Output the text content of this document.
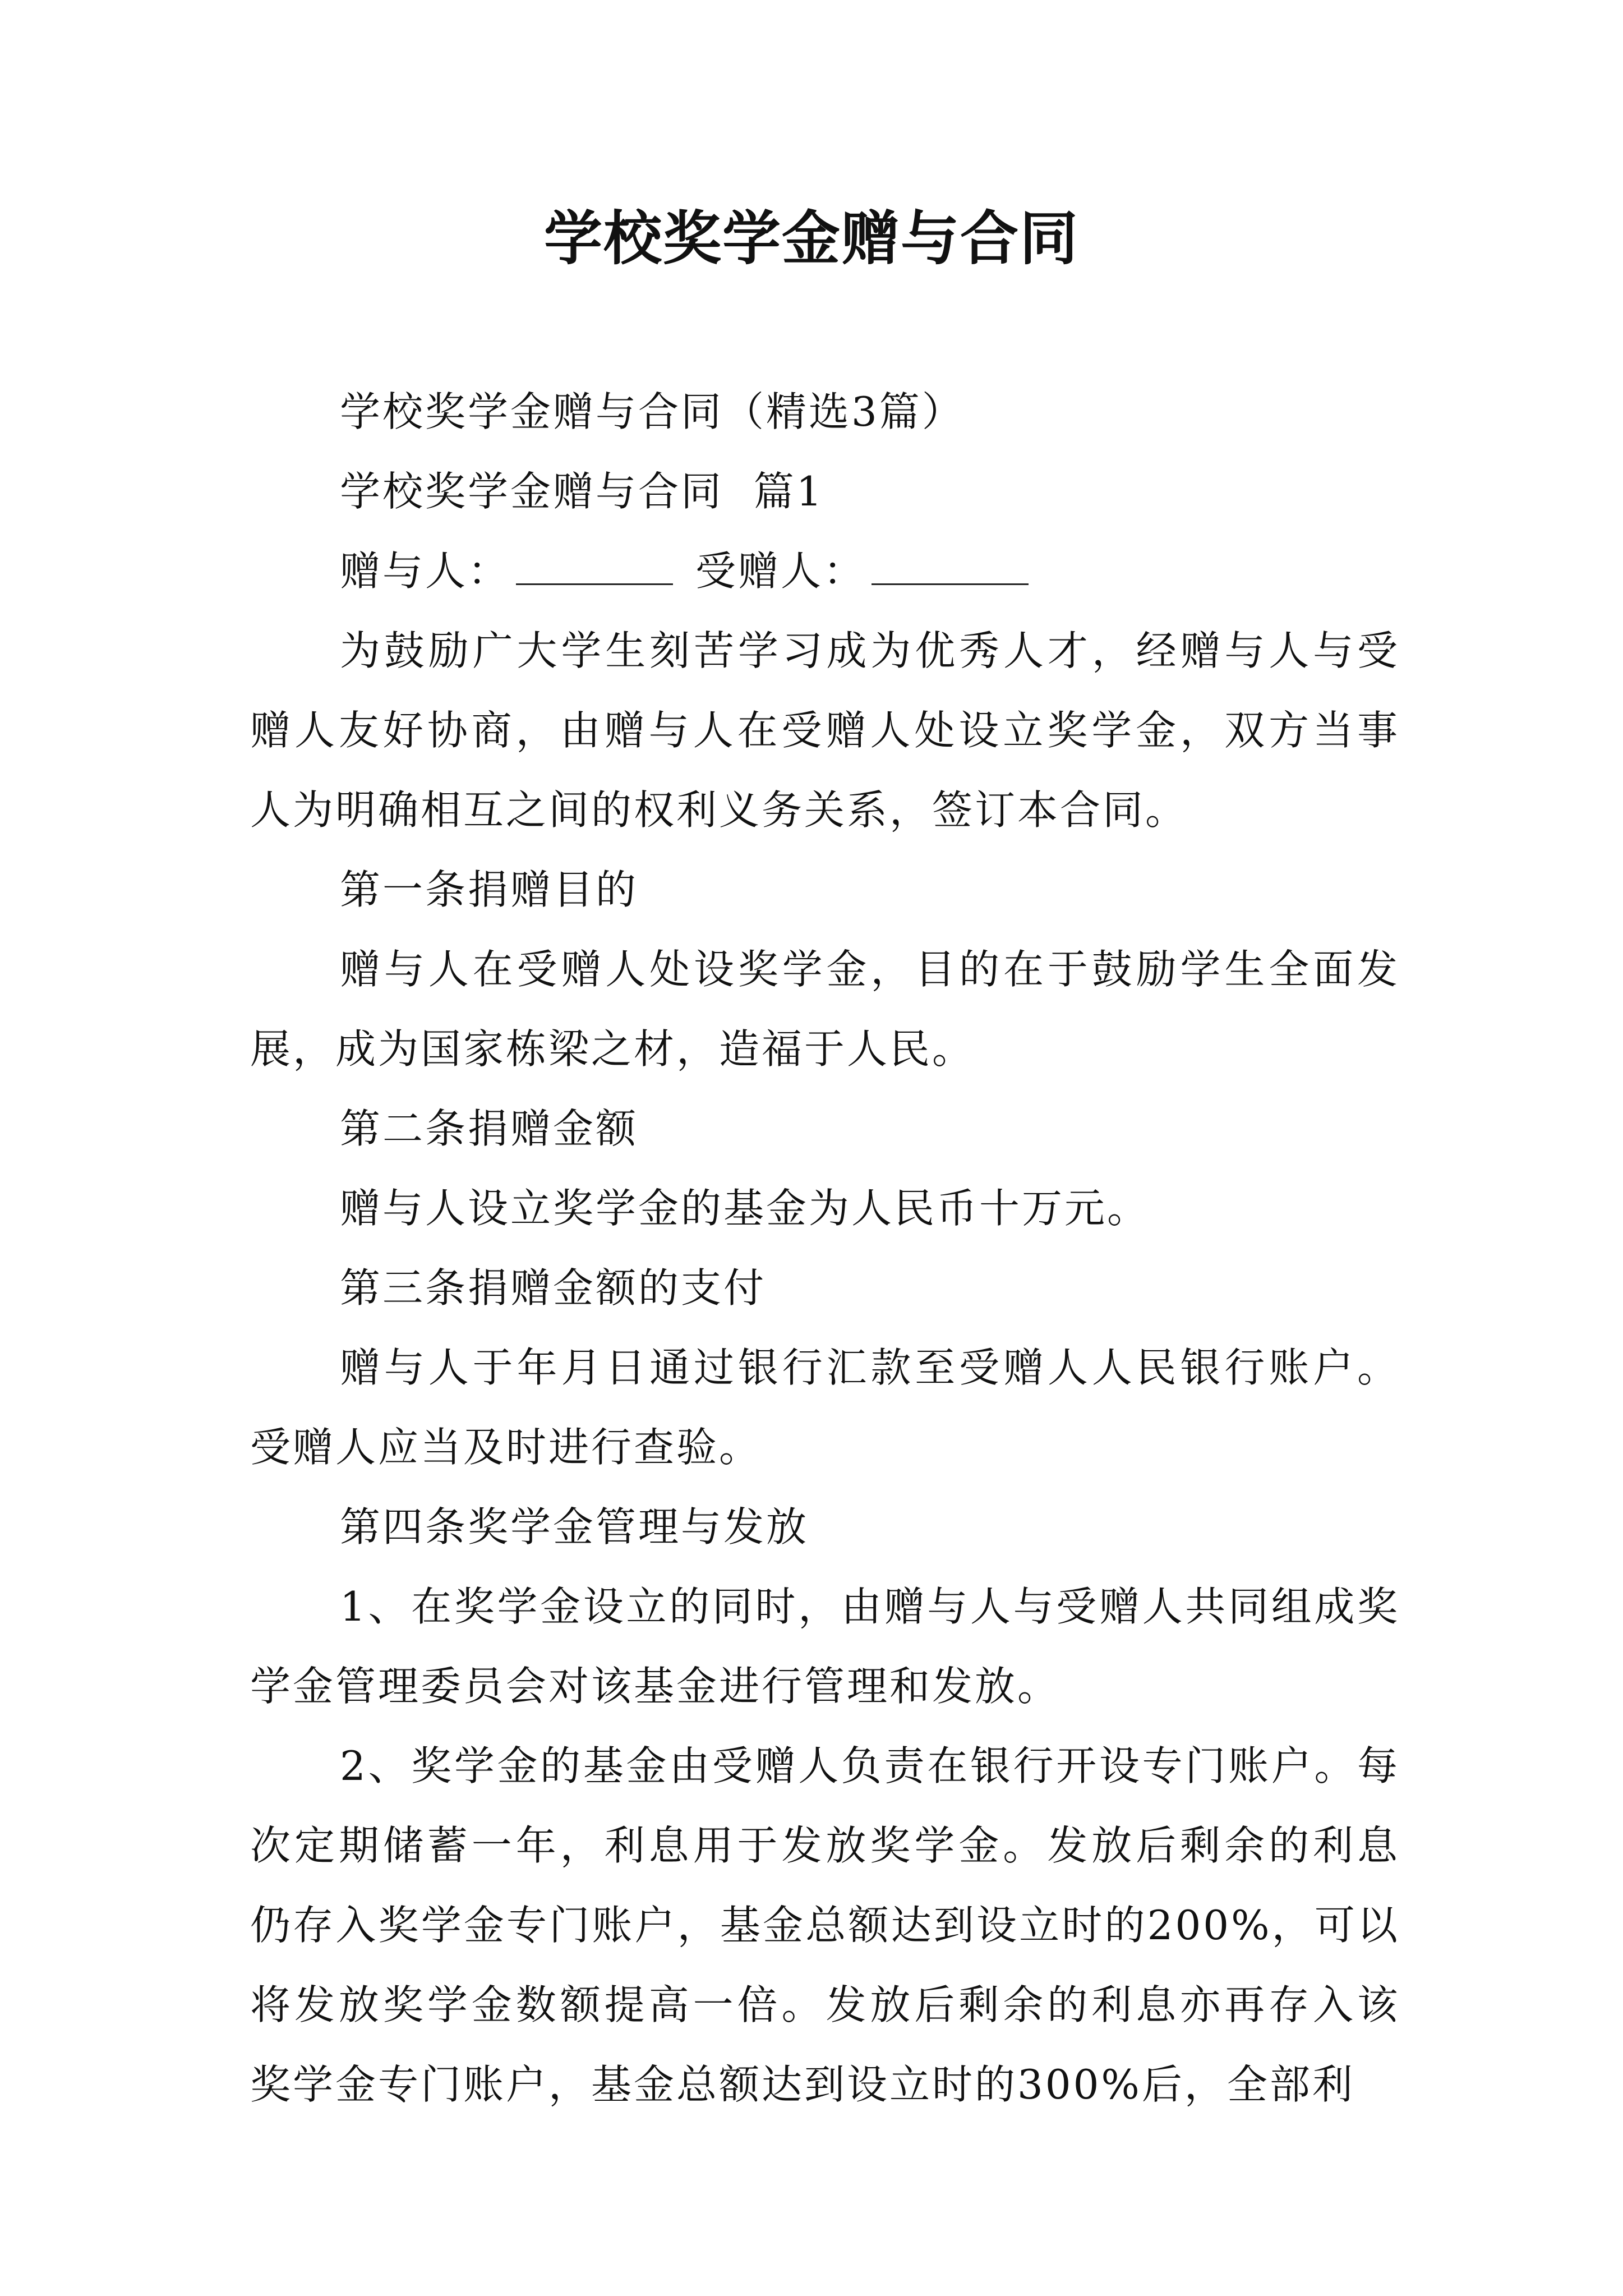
学校奖学金赠与合同

学校奖学金赠与合同（精选3篇）

学校奖学金赠与合同  篇1

赠与人：	受赠人：

为鼓励广大学生刻苦学习成为优秀人才，经赠与人与受赠人友好协商，由赠与人在受赠人处设立奖学金，双方当事人为明确相互之间的权利义务关系，签订本合同。

第一条捐赠目的

赠与人在受赠人处设奖学金，目的在于鼓励学生全面发展，成为国家栋梁之材，造福于人民。

第二条捐赠金额

赠与人设立奖学金的基金为人民币十万元。

第三条捐赠金额的支付

赠与人于年月日通过银行汇款至受赠人人民银行账户。受赠人应当及时进行查验。

第四条奖学金管理与发放

1、在奖学金设立的同时，由赠与人与受赠人共同组成奖学金管理委员会对该基金进行管理和发放。

2、奖学金的基金由受赠人负责在银行开设专门账户。每次定期储蓄一年，利息用于发放奖学金。发放后剩余的利息仍存入奖学金专门账户，基金总额达到设立时的200%，可以将发放奖学金数额提高一倍。发放后剩余的利息亦再存入该奖学金专门账户，基金总额达到设立时的300%后，全部利
